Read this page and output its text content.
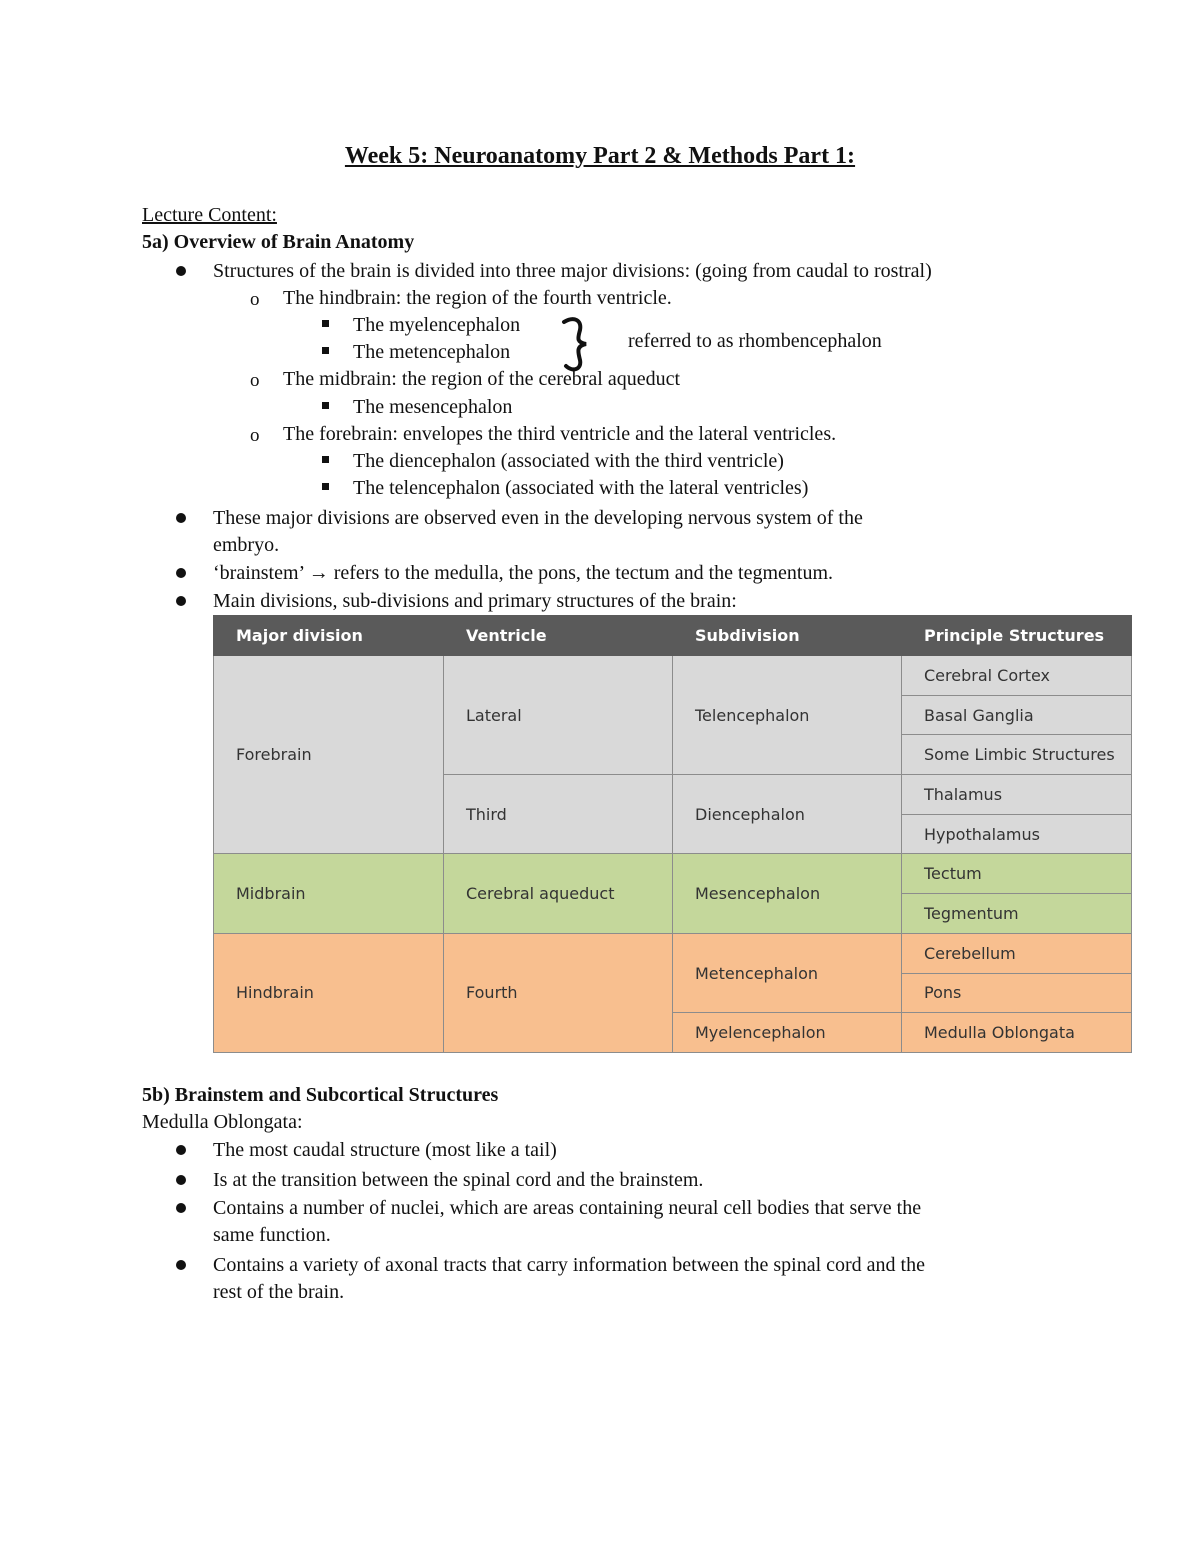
Week 5: Neuroanatomy Part 2 & Methods Part 1:
Lecture Content:
5a) Overview of Brain Anatomy
Structures of the brain is divided into three major divisions: (going from caudal to rostral)
o The hindbrain: the region of the fourth ventricle.
The myelencephalon
The metencephalon	referred to as rhombencephalon
o The midbrain: the region of the cerebral aqueduct
The mesencephalon
o The forebrain: envelopes the third ventricle and the lateral ventricles.
The diencephalon (associated with the third ventricle)
The telencephalon (associated with the lateral ventricles)
These major divisions are observed even in the developing nervous system of the
embryo.
‘brainstem’ → refers to the medulla, the pons, the tectum and the tegmentum.
Main divisions, sub-divisions and primary structures of the brain:
Major division	Ventricle	Subdivision	Principle Structures
Forebrain	Lateral	Telencephalon	Cerebral Cortex
			Basal Ganglia
			Some Limbic Structures
	Third	Diencephalon	Thalamus
			Hypothalamus
Midbrain	Cerebral aqueduct	Mesencephalon	Tectum
			Tegmentum
Hindbrain	Fourth	Metencephalon	Cerebellum
			Pons
		Myelencephalon	Medulla Oblongata
5b) Brainstem and Subcortical Structures
Medulla Oblongata:
The most caudal structure (most like a tail)
Is at the transition between the spinal cord and the brainstem.
Contains a number of nuclei, which are areas containing neural cell bodies that serve the
same function.
Contains a variety of axonal tracts that carry information between the spinal cord and the
rest of the brain.
